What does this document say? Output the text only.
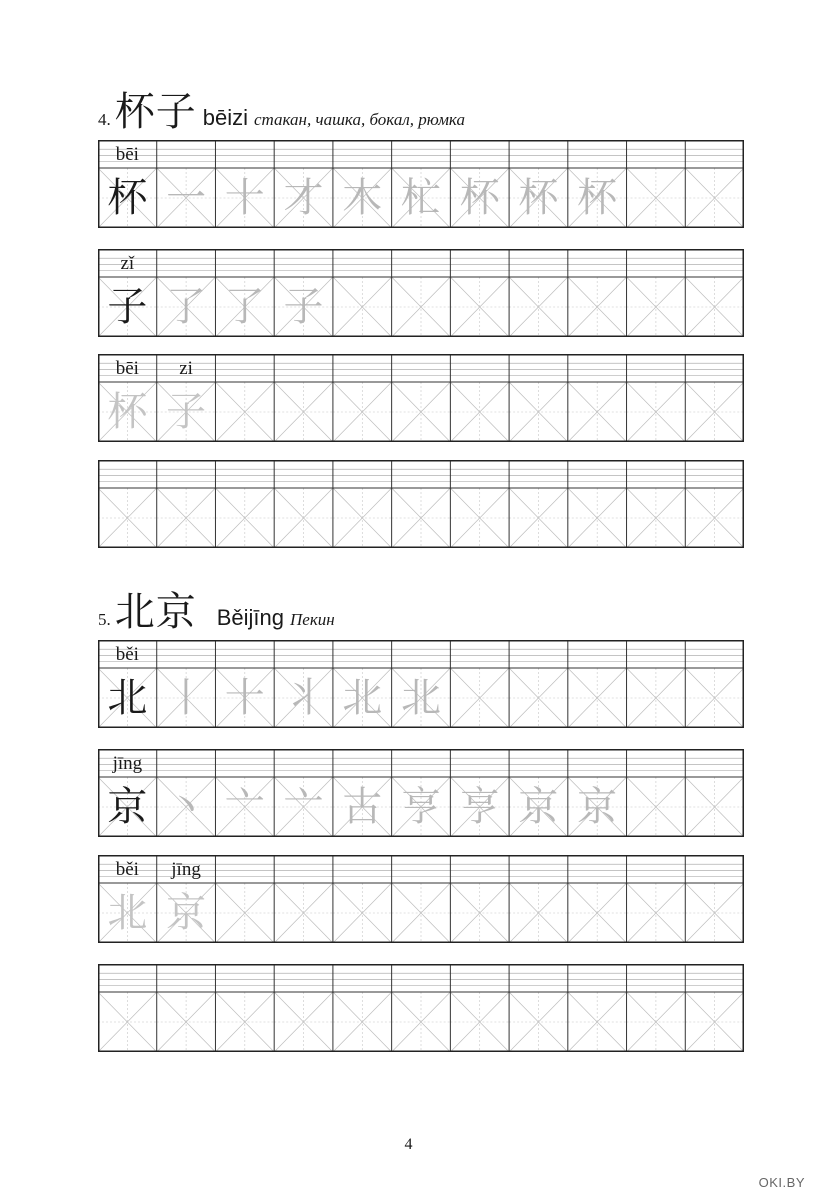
4. 杯子 bēizi стакан, чашка, бокал, рюмка
bēi
杯 一 十 才 木 杧 杯 杯 杯
zǐ
子 了 了 子
bēi
杯
zi
子
5. 北京 Běijīng Пекин
běi
北 丨 十 丬 北 北
jīng
京 丶 亠 亠 古 亨 亨 京 京
běi
北
jīng
京
4
OKI.BY
